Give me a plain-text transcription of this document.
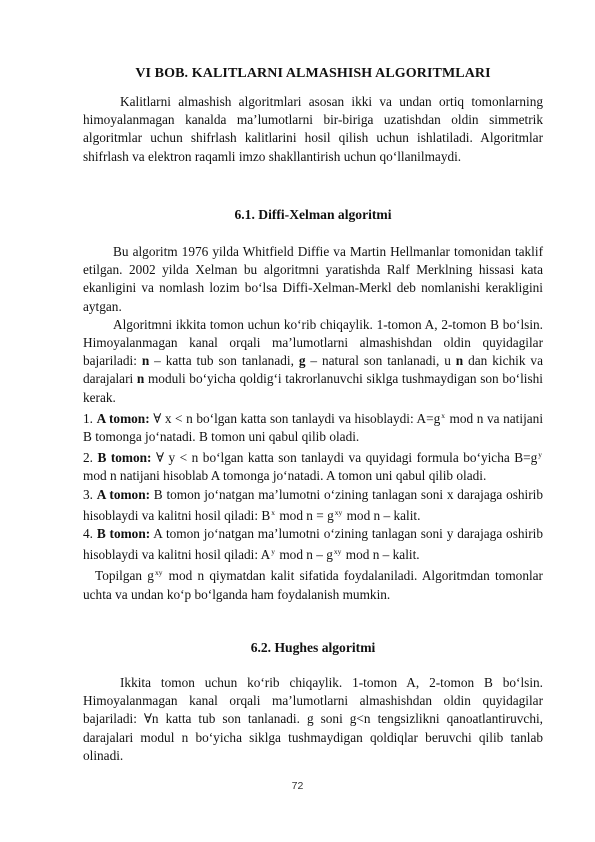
VI BOB. KALITLARNI ALMASHISH ALGORITMLARI

Kalitlarni almashish algoritmlari asosan ikki va undan ortiq tomonlarning himoyalanmagan kanalda ma’lumotlarni bir-biriga uzatishdan oldin simmetrik algoritmlar uchun shifrlash kalitlarini hosil qilish uchun ishlatiladi. Algoritmlar shifrlash va elektron raqamli imzo shakllantirish uchun qo‘llanilmaydi.

6.1. Diffi-Xelman algoritmi

Bu algoritm 1976 yilda Whitfield Diffie va Martin Hellmanlar tomonidan taklif etilgan. 2002 yilda Xelman bu algoritmni yaratishda Ralf Merklning hissasi kata ekanligini va nomlash lozim bo‘lsa Diffi-Xelman-Merkl deb nomlanishi kerakligini aytgan.

Algoritmni ikkita tomon uchun ko‘rib chiqaylik. 1-tomon A, 2-tomon B bo‘lsin. Himoyalanmagan kanal orqali ma’lumotlarni almashishdan oldin quyidagilar bajariladi: n – katta tub son tanlanadi, g – natural son tanlanadi, u n dan kichik va darajalari n moduli bo‘yicha qoldig‘i takrorlanuvchi siklga tushmaydigan son bo‘lishi kerak.

1. A tomon: ∀ x < n bo‘lgan katta son tanlaydi va hisoblaydi: $A=g^x$ mod n va natijani B tomonga jo‘natadi. B tomon uni qabul qilib oladi.

2. B tomon: ∀ y < n bo‘lgan katta son tanlaydi va quyidagi formula bo‘yicha $B=g^y$ mod n natijani hisoblab A tomonga jo‘natadi. A tomon uni qabul qilib oladi.

3. A tomon: B tomon jo‘natgan ma’lumotni o‘zining tanlagan soni x darajaga oshirib hisoblaydi va kalitni hosil qiladi: $B^x$ mod $n = g^{xy}$ mod n – kalit.

4. B tomon: A tomon jo‘natgan ma’lumotni o‘zining tanlagan soni y darajaga oshirib hisoblaydi va kalitni hosil qiladi: $A^y$ mod n – $g^{xy}$ mod n – kalit.

Topilgan $g^{xy}$ mod n qiymatdan kalit sifatida foydalaniladi. Algoritmdan tomonlar uchta va undan ko‘p bo‘lganda ham foydalanish mumkin.

6.2. Hughes algoritmi

Ikkita tomon uchun ko‘rib chiqaylik. 1-tomon A, 2-tomon B bo‘lsin. Himoyalanmagan kanal orqali ma’lumotlarni almashishdan oldin quyidagilar bajariladi: ∀n katta tub son tanlanadi. g soni g<n tengsizlikni qanoatlantiruvchi, darajalari modul n bo‘yicha siklga tushmaydigan qoldiqlar beruvchi qilib tanlab olinadi.

72
